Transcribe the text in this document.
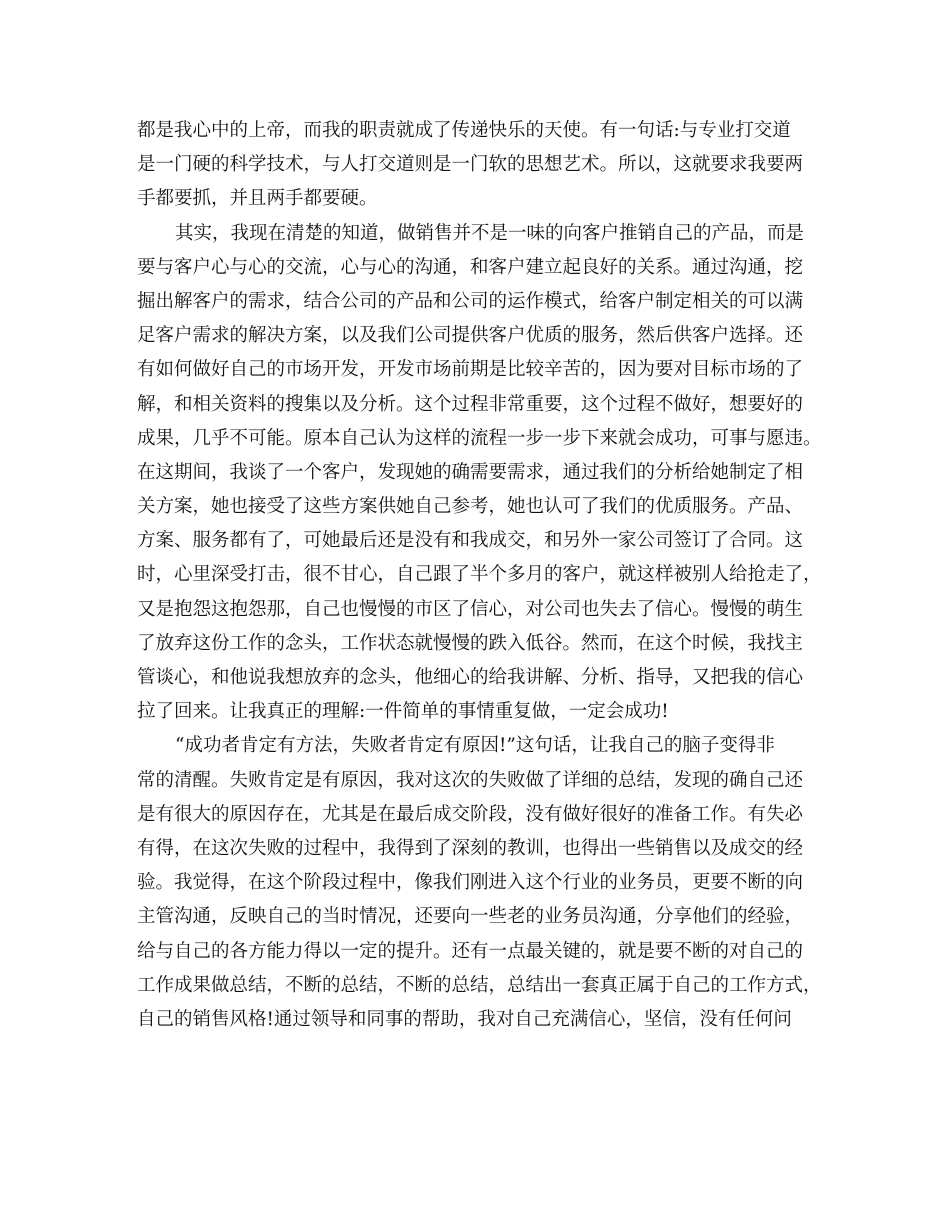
都是我心中的上帝，而我的职责就成了传递快乐的天使。有一句话:与专业打交道
是一门硬的科学技术，与人打交道则是一门软的思想艺术。所以，这就要求我要两
手都要抓，并且两手都要硬。
其实，我现在清楚的知道，做销售并不是一味的向客户推销自己的产品，而是
要与客户心与心的交流，心与心的沟通，和客户建立起良好的关系。通过沟通，挖
掘出解客户的需求，结合公司的产品和公司的运作模式，给客户制定相关的可以满
足客户需求的解决方案，以及我们公司提供客户优质的服务，然后供客户选择。还
有如何做好自己的市场开发，开发市场前期是比较辛苦的，因为要对目标市场的了
解，和相关资料的搜集以及分析。这个过程非常重要，这个过程不做好，想要好的
成果，几乎不可能。原本自己认为这样的流程一步一步下来就会成功，可事与愿违。
在这期间，我谈了一个客户，发现她的确需要需求，通过我们的分析给她制定了相
关方案，她也接受了这些方案供她自己参考，她也认可了我们的优质服务。产品、
方案、服务都有了，可她最后还是没有和我成交，和另外一家公司签订了合同。这
时，心里深受打击，很不甘心，自己跟了半个多月的客户，就这样被别人给抢走了，
又是抱怨这抱怨那，自己也慢慢的市区了信心，对公司也失去了信心。慢慢的萌生
了放弃这份工作的念头，工作状态就慢慢的跌入低谷。然而，在这个时候，我找主
管谈心，和他说我想放弃的念头，他细心的给我讲解、分析、指导，又把我的信心
拉了回来。让我真正的理解:一件简单的事情重复做，一定会成功!
“成功者肯定有方法，失败者肯定有原因!”这句话，让我自己的脑子变得非
常的清醒。失败肯定是有原因，我对这次的失败做了详细的总结，发现的确自己还
是有很大的原因存在，尤其是在最后成交阶段，没有做好很好的准备工作。有失必
有得，在这次失败的过程中，我得到了深刻的教训，也得出一些销售以及成交的经
验。我觉得，在这个阶段过程中，像我们刚进入这个行业的业务员，更要不断的向
主管沟通，反映自己的当时情况，还要向一些老的业务员沟通，分享他们的经验，
给与自己的各方能力得以一定的提升。还有一点最关键的，就是要不断的对自己的
工作成果做总结，不断的总结，不断的总结，总结出一套真正属于自己的工作方式，
自己的销售风格!通过领导和同事的帮助，我对自己充满信心，坚信，没有任何问
